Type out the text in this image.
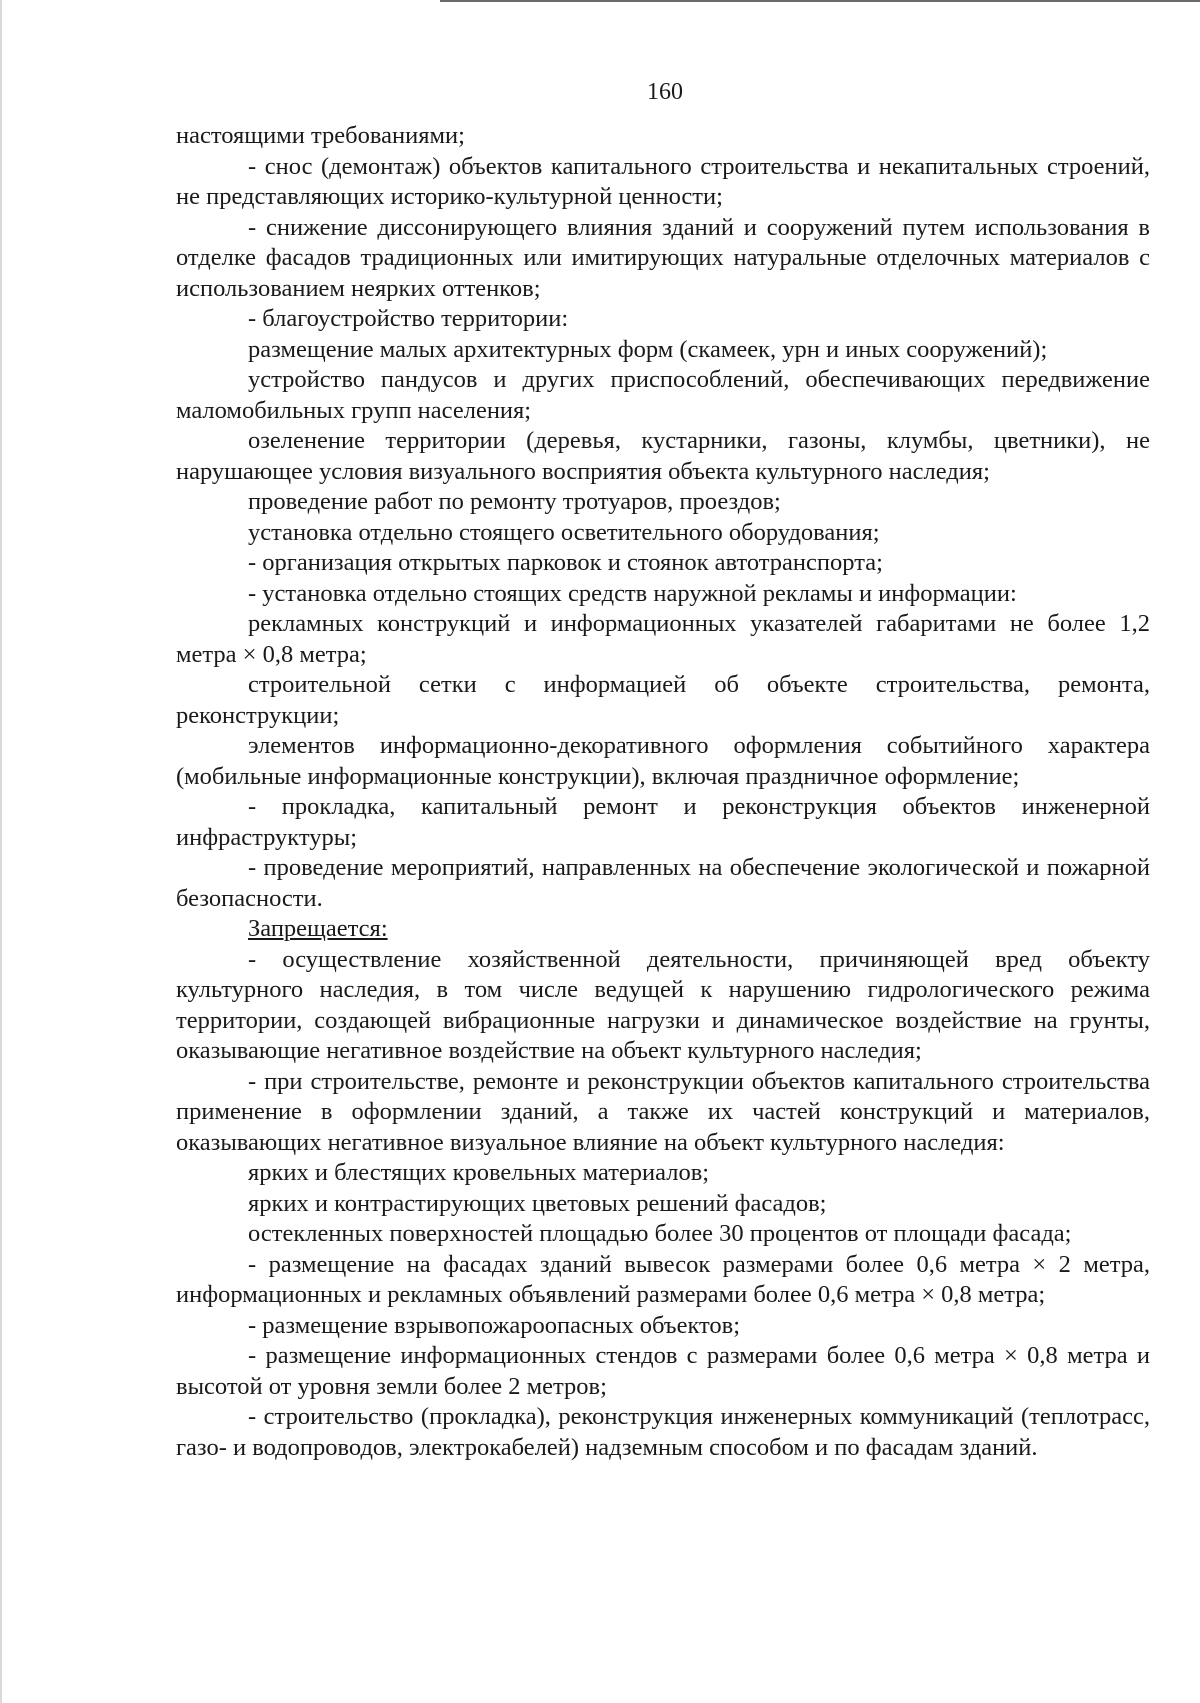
160

настоящими требованиями;

- снос (демонтаж) объектов капитального строительства и некапитальных строений, не представляющих историко-культурной ценности;

- снижение диссонирующего влияния зданий и сооружений путем использования в отделке фасадов традиционных или имитирующих натуральные отделочных материалов с использованием неярких оттенков;

- благоустройство территории:

размещение малых архитектурных форм (скамеек, урн и иных сооружений);

устройство пандусов и других приспособлений, обеспечивающих передвижение маломобильных групп населения;

озеленение территории (деревья, кустарники, газоны, клумбы, цветники), не нарушающее условия визуального восприятия объекта культурного наследия;

проведение работ по ремонту тротуаров, проездов;

установка отдельно стоящего осветительного оборудования;

- организация открытых парковок и стоянок автотранспорта;

- установка отдельно стоящих средств наружной рекламы и информации:

рекламных конструкций и информационных указателей габаритами не более 1,2 метра × 0,8 метра;

строительной сетки с информацией об объекте строительства, ремонта, реконструкции;

элементов информационно-декоративного оформления событийного характера (мобильные информационные конструкции), включая праздничное оформление;

- прокладка, капитальный ремонт и реконструкция объектов инженерной инфраструктуры;

- проведение мероприятий, направленных на обеспечение экологической и пожарной безопасности.

Запрещается:

- осуществление хозяйственной деятельности, причиняющей вред объекту культурного наследия, в том числе ведущей к нарушению гидрологического режима территории, создающей вибрационные нагрузки и динамическое воздействие на грунты, оказывающие негативное воздействие на объект культурного наследия;

- при строительстве, ремонте и реконструкции объектов капитального строительства применение в оформлении зданий, а также их частей конструкций и материалов, оказывающих негативное визуальное влияние на объект культурного наследия:

ярких и блестящих кровельных материалов;

ярких и контрастирующих цветовых решений фасадов;

остекленных поверхностей площадью более 30 процентов от площади фасада;

- размещение на фасадах зданий вывесок размерами более 0,6 метра × 2 метра, информационных и рекламных объявлений размерами более 0,6 метра × 0,8 метра;

- размещение взрывопожароопасных объектов;

- размещение информационных стендов с размерами более 0,6 метра × 0,8 метра и высотой от уровня земли более 2 метров;

- строительство (прокладка), реконструкция инженерных коммуникаций (теплотрасс, газо- и водопроводов, электрокабелей) надземным способом и по фасадам зданий.
